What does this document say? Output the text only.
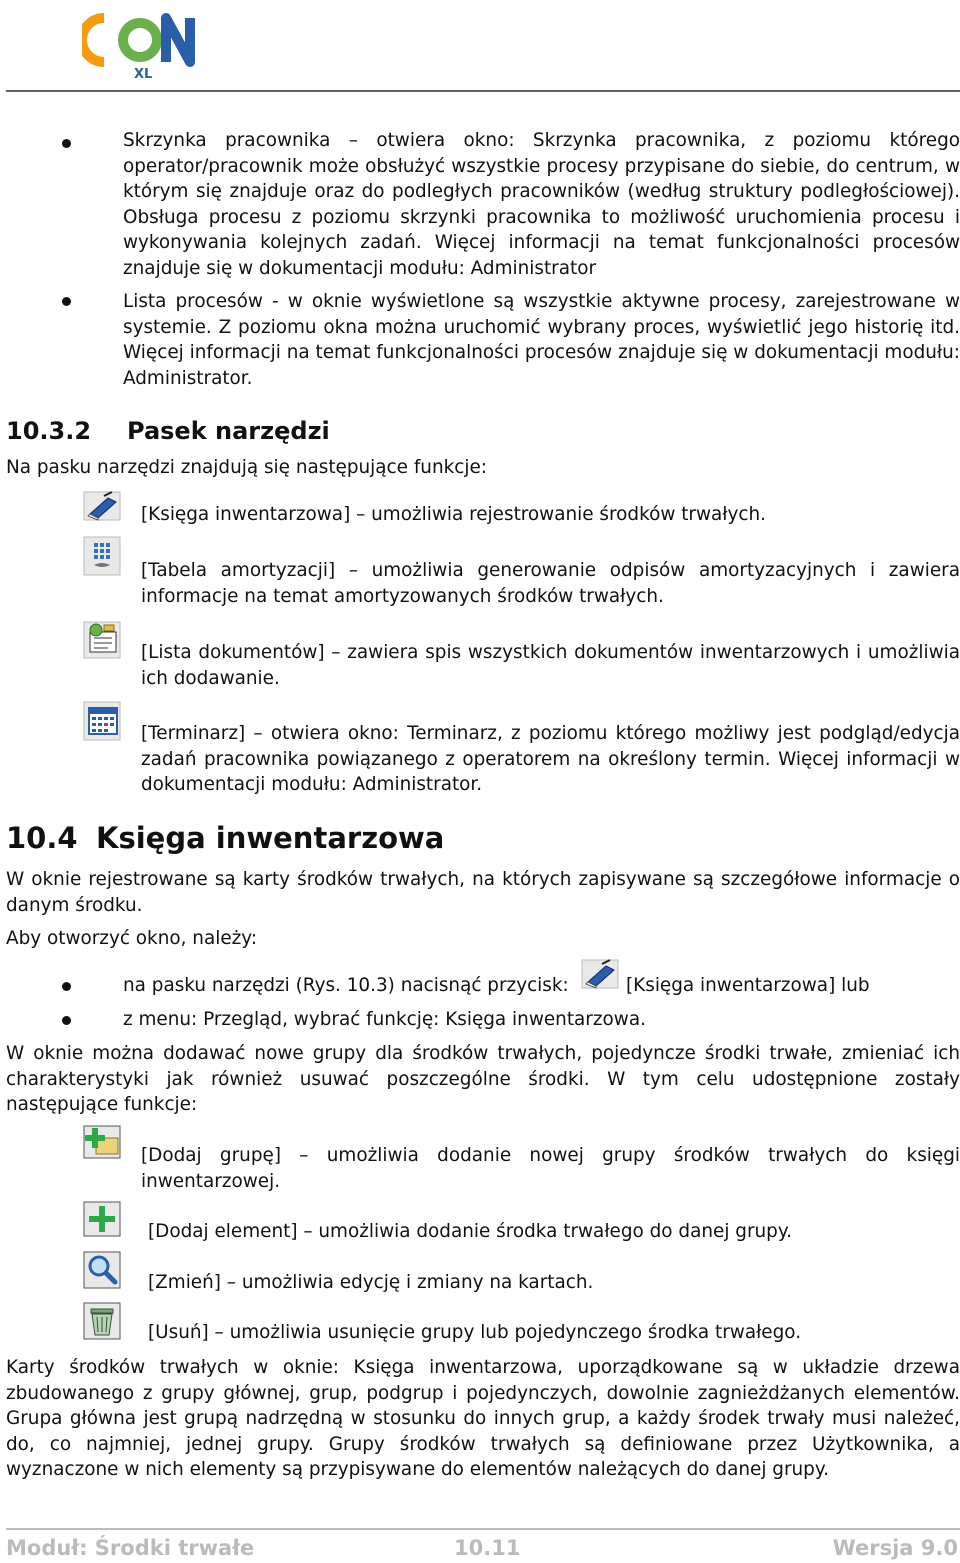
XL
Skrzynka pracownika – otwiera okno: Skrzynka pracownika, z poziomu którego operator/pracownik może obsłużyć wszystkie procesy przypisane do siebie, do centrum, w którym się znajduje oraz do podległych pracowników (według struktury podległościowej). Obsługa procesu z poziomu skrzynki pracownika to możliwość uruchomienia procesu i wykonywania kolejnych zadań. Więcej informacji na temat funkcjonalności procesów znajduje się w dokumentacji modułu: Administrator
Lista procesów - w oknie wyświetlone są wszystkie aktywne procesy, zarejestrowane w systemie. Z poziomu okna można uruchomić wybrany proces, wyświetlić jego historię itd. Więcej informacji na temat funkcjonalności procesów znajduje się w dokumentacji modułu: Administrator.
10.3.2 Pasek narzędzi
Na pasku narzędzi znajdują się następujące funkcje:
[Księga inwentarzowa] – umożliwia rejestrowanie środków trwałych.
[Tabela amortyzacji] – umożliwia generowanie odpisów amortyzacyjnych i zawiera informacje na temat amortyzowanych środków trwałych.
[Lista dokumentów] – zawiera spis wszystkich dokumentów inwentarzowych i umożliwia ich dodawanie.
[Terminarz] – otwiera okno: Terminarz, z poziomu którego możliwy jest podgląd/edycja zadań pracownika powiązanego z operatorem na określony termin. Więcej informacji w dokumentacji modułu: Administrator.
10.4 Księga inwentarzowa
W oknie rejestrowane są karty środków trwałych, na których zapisywane są szczegółowe informacje o danym środku.
Aby otworzyć okno, należy:
na pasku narzędzi (Rys. 10.3) nacisnąć przycisk:	[Księga inwentarzowa] lub
z menu: Przegląd, wybrać funkcję: Księga inwentarzowa.
W oknie można dodawać nowe grupy dla środków trwałych, pojedyncze środki trwałe, zmieniać ich charakterystyki jak również usuwać poszczególne środki. W tym celu udostępnione zostały następujące funkcje:
[Dodaj grupę] – umożliwia dodanie nowej grupy środków trwałych do księgi inwentarzowej.
[Dodaj element] – umożliwia dodanie środka trwałego do danej grupy.
[Zmień] – umożliwia edycję i zmiany na kartach.
[Usuń] – umożliwia usunięcie grupy lub pojedynczego środka trwałego.
Karty środków trwałych w oknie: Księga inwentarzowa, uporządkowane są w układzie drzewa zbudowanego z grupy głównej, grup, podgrup i pojedynczych, dowolnie zagnieżdżanych elementów. Grupa główna jest grupą nadrzędną w stosunku do innych grup, a każdy środek trwały musi należeć, do, co najmniej, jednej grupy. Grupy środków trwałych są definiowane przez Użytkownika, a wyznaczone w nich elementy są przypisywane do elementów należących do danej grupy.
Moduł: Środki trwałe	10.11	Wersja 9.0
